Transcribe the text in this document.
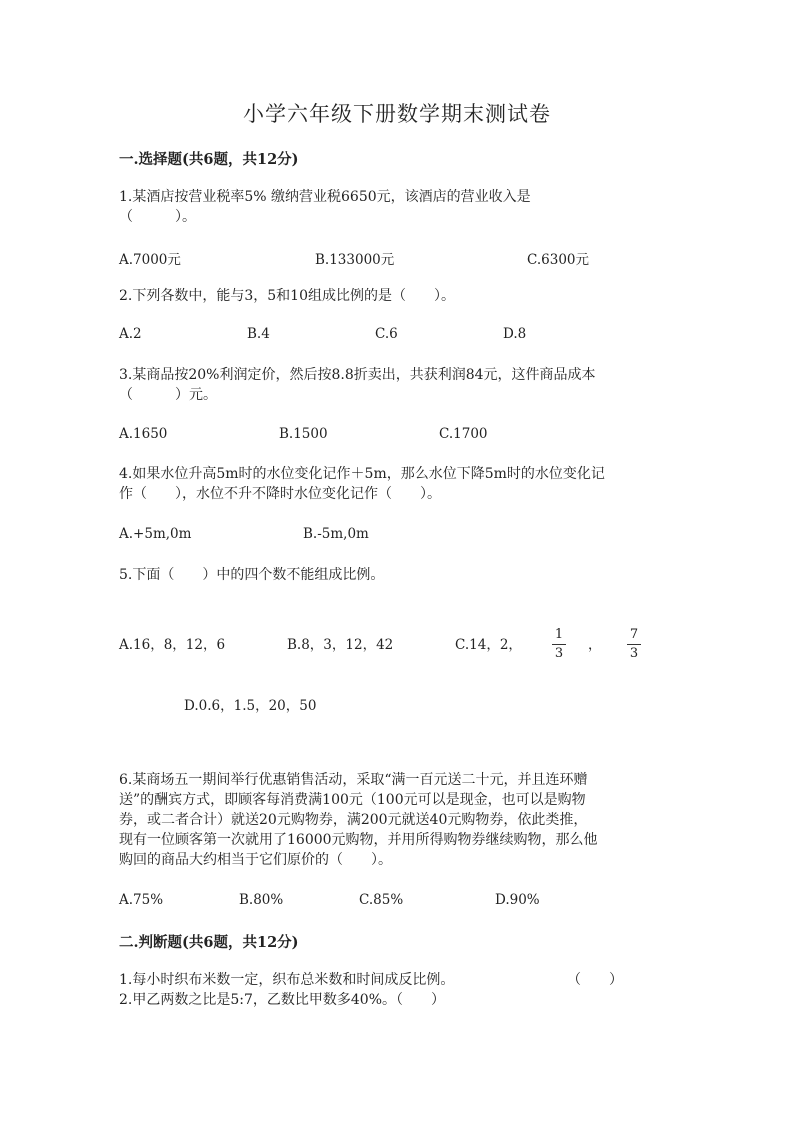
小学六年级下册数学期末测试卷
一.选择题(共6题，共12分)
1.某酒店按营业税率5% 缴纳营业税6650元，该酒店的营业收入是
（　　　）。
A.7000元	B.133000元	C.6300元
2.下列各数中，能与3，5和10组成比例的是（　　）。
A.2	B.4	C.6	D.8
3.某商品按20%利润定价，然后按8.8折卖出，共获利润84元，这件商品成本
（　　　）元。
A.1650	B.1500	C.1700
4.如果水位升高5m时的水位变化记作＋5m，那么水位下降5m时的水位变化记
作（　　），水位不升不降时水位变化记作（　　）。
A.+5m,0m	B.-5m,0m
5.下面（　　）中的四个数不能组成比例。
A.16，8，12，6	B.8，3，12，42	C.14，2，
1
3
，
7
3
D.0.6，1.5，20，50
6.某商场五一期间举行优惠销售活动，采取“满一百元送二十元，并且连环赠
送”的酬宾方式，即顾客每消费满100元（100元可以是现金，也可以是购物
券，或二者合计）就送20元购物券，满200元就送40元购物券，依此类推，
现有一位顾客第一次就用了16000元购物，并用所得购物券继续购物，那么他
购回的商品大约相当于它们原价的（　　）。
A.75%	B.80%	C.85%	D.90%
二.判断题(共6题，共12分)
1.每小时织布米数一定，织布总米数和时间成反比例。	（　　）
2.甲乙两数之比是5:7，乙数比甲数多40%。（　　）
